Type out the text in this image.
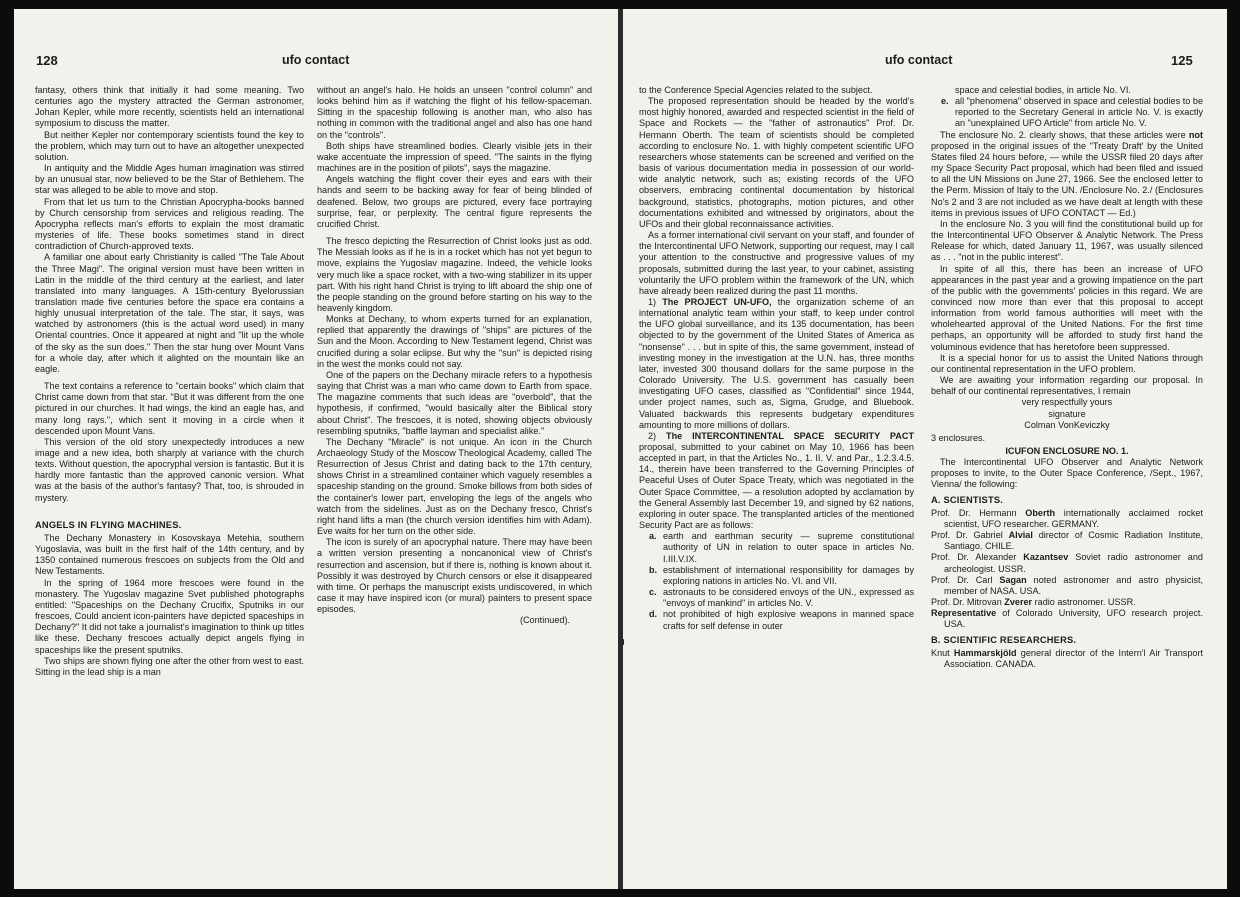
128	ufo contact

fantasy, others think that initially it had some meaning. Two centuries ago the mystery attracted the German astronomer, Johan Kepler, while more recently, scientists held an international symposium to discuss the matter.

But neither Kepler nor contemporary scientists found the key to the problem, which may turn out to have an altogether unexpected solution.

In antiquity and the Middle Ages human imagination was stirred by an unusual star, now believed to be the Star of Bethlehem. The star was alleged to be able to move and stop.

From that let us turn to the Christian Apocrypha-books banned by Church censorship from services and religious reading. The Apocrypha reflects man's efforts to explain the most dramatic mysteries of life. These books sometimes stand in direct contradiction of Church-approved texts.

A familiar one about early Christianity is called "The Tale About the Three Magi". The original version must have been written in Latin in the middle of the third century at the earliest, and later translated into many languages. A 15th-century Byelorussian translation made five centuries before the space era contains a highly unusual interpretation of the tale. The star, it says, was watched by astronomers (this is the actual word used) in many Oriental countries. Once it appeared at night and "lit up the whole of the sky as the sun does." Then the star hung over Mount Vans for a whole day, after which it alighted on the mountain like an eagle.

The text contains a reference to "certain books" which claim that Christ came down from that star. "But it was different from the one pictured in our churches. It had wings, the kind an eagle has, and many long rays.", which sent it moving in a circle when it descended upon Mount Vans.

This version of the old story unexpectedly introduces a new image and a new idea, both sharply at variance with the church texts. Without question, the apocryphal version is fantastic. But it is hardly more fantastic than the approved canonic version. What was at the basis of the author's fantasy? That, too, is shrouded in mystery.

ANGELS IN FLYING MACHINES.

The Dechany Monastery in Kosovskaya Metehia, southern Yugoslavia, was built in the first half of the 14th century, and by 1350 contained numerous frescoes on subjects from the Old and New Testaments.

In the spring of 1964 more frescoes were found in the monastery. The Yugoslav magazine Svet published photographs entitled: "Spaceships on the Dechany Crucifix, Sputniks in our frescoes, Could ancient icon-painters have depicted spaceships in Dechany?" It did not take a journalist's imagination to think up titles like these. Dechany frescoes actually depict angels flying in spaceships like the present sputniks.

Two ships are shown flying one after the other from west to east. Sitting in the lead ship is a man

without an angel's halo. He holds an unseen "control column" and looks behind him as if watching the flight of his fellow-spaceman. Sitting in the spaceship following is another man, who also has nothing in common with the traditional angel and also has one hand on the "controls".

Both ships have streamlined bodies. Clearly visible jets in their wake accentuate the impression of speed. "The saints in the flying machines are in the position of pilots", says the magazine.

Angels watching the flight cover their eyes and ears with their hands and seem to be backing away for fear of being blinded of deafened. Below, two groups are pictured, every face portraying surprise, fear, or perplexity. The central figure represents the crucified Christ.

The fresco depicting the Resurrection of Christ looks just as odd. The Messiah looks as if he is in a rocket which has not yet begun to move, explains the Yugoslav magazine. Indeed, the vehicle looks very much like a space rocket, with a two-wing stabilizer in its upper part. With his right hand Christ is trying to lift aboard the ship one of the people standing on the ground before starting on his way to the heavenly kingdom.

Monks at Dechany, to whom experts turned for an explanation, replied that apparently the drawings of "ships" are pictures of the Sun and the Moon. According to New Testament legend, Christ was crucified during a solar eclipse. But why the "sun" is depicted rising in the west the monks could not say.

One of the papers on the Dechany miracle refers to a hypothesis saying that Christ was a man who came down to Earth from space. The magazine comments that such ideas are "overbold", that the hypothesis, if confirmed, "would basically alter the Biblical story about Christ". The frescoes, it is noted, showing objects obviously resembling sputniks, "baffle layman and specialist alike."

The Dechany "Miracle" is not unique. An icon in the Church Archaeology Study of the Moscow Theological Academy, called The Resurrection of Jesus Christ and dating back to the 17th century, shows Christ in a streamlined container which vaguely resembles a spaceship standing on the ground. Smoke billows from both sides of the container's lower part, enveloping the legs of the angels who watch from the sidelines. Just as on the Dechany fresco, Christ's right hand lifts a man (the church version identifies him with Adam). Eve waits for her turn on the other side.

The icon is surely of an apocryphal nature. There may have been a written version presenting a noncanonical view of Christ's resurrection and ascension, but if there is, nothing is known about it. Possibly it was destroyed by Church censors or else it disappeared with time. Or perhaps the manuscript exists undiscovered, in which case it may have inspired icon (or mural) painters to present space episodes.

(Continued).
ufo contact	125

to the Conference Special Agencies related to the subject.

The proposed representation should be headed by the world's most highly honored, awarded and respected scientist in the field of Space and Rockets — the "father of astronautics" Prof. Dr. Hermann Oberth. The team of scientists should be completed according to enclosure No. 1. with highly competent scientific UFO researchers whose statements can be screened and verified on the basis of various documentation media in possession of our world-wide analytic network, such as; existing records of the UFO observers, embracing continental documentation by historical background, statistics, photographs, motion pictures, and other documentations exhibited and witnessed by originators, about the UFOs and their global reconnaissance activities.

As a former international civil servant on your staff, and founder of the Intercontinental UFO Network, supporting our request, may I call your attention to the constructive and progressive values of my proposals, submitted during the last year, to your cabinet, assisting voluntarily the UFO problem within the framework of the UN, which have already been realized during the past 11 months.

1) The PROJECT UN-UFO, the organization scheme of an international analytic team within your staff, to keep under control the UFO global surveillance, and its 135 documentation, has been objected to by the government of the United States of America as "nonsense" . . . but in spite of this, the same government, instead of investing money in the investigation at the U.N. has, three months later, invested 300 thousand dollars for the same purpose in the Colorado University. The U.S. government has casually been investigating UFO cases, classified as "Confidential" since 1944, under project names, such as, Sigma, Grudge, and Bluebook. Valuated backwards this represents budgetary expenditures amounting to more millions of dollars.

2) The INTERCONTINENTAL SPACE SECURITY PACT proposal, submitted to your cabinet on May 10, 1966 has been accepted in part, in that the Articles No., 1. II. V. and Par., 1.2.3.4.5. 14., therein have been transferred to the Governing Principles of Peaceful Uses of Outer Space Treaty, which was negotiated in the Outer Space Committee, — a resolution adopted by acclamation by the General Assembly last December 19, and signed by 62 nations, exploring in outer space. The transplanted articles of the mentioned Security Pact are as follows:

a. earth and earthman security — supreme constitutional authority of UN in relation to outer space in articles No. I.III.V.IX.

b. establishment of international responsibility for damages by exploring nations in articles No. VI. and VII.

c. astronauts to be considered envoys of the UN., expressed as "envoys of mankind" in articles No. V.

d. not prohibited of high explosive weapons in manned space crafts for self defense in outer

space and celestial bodies, in article No. VI.

e. all "phenomena" observed in space and celestial bodies to be reported to the Secretary General in article No. V. is exactly an "unexplained UFO Article" from article No. V.

The enclosure No. 2. clearly shows, that these articles were not proposed in the original issues of the "Treaty Draft' by the United States filed 24 hours before, — while the USSR filed 20 days after my Space Security Pact proposal, which had been filed and issued to all the UN Missions on June 27, 1966. See the enclosed letter to the Perm. Mission of Italy to the UN. /Enclosure No. 2./ (Enclosures No's 2 and 3 are not included as we have dealt at length with these items in previous issues of UFO CONTACT — Ed.)

In the enclosure No. 3 you will find the constitutional build up for the Intercontinental UFO Observer & Analytic Network. The Press Release for which, dated January 11, 1967, was usually silenced as . . . "not in the public interest".

In spite of all this, there has been an increase of UFO appearances in the past year and a growing impatience on the part of the public with the governments' policies in this regard. We are convinced now more than ever that this proposal to accept information from world famous authorities will meet with the wholehearted approval of the United Nations. For the first time perhaps, an opportunity will be afforded to study first hand the voluminous evidence that has heretofore been suppressed.

It is a special honor for us to assist the United Nations through our continental representation in the UFO problem.

We are awaiting your information regarding our proposal. In behalf of our continental representatives, I remain

very respectfully yours

signature

Colman VonKeviczky

3 enclosures.

ICUFON ENCLOSURE NO. 1.

The Intercontinental UFO Observer and Analytic Network proposes to invite, to the Outer Space Conference, /Sept., 1967, Vienna/ the following:

A. SCIENTISTS.

Prof. Dr. Hermann Oberth internationally acclaimed rocket scientist, UFO researcher. GERMANY.

Prof. Dr. Gabriel Alvial director of Cosmic Radiation Institute, Santiago. CHILE.

Prof. Dr. Alexander Kazantsev Soviet radio astronomer and archeologist. USSR.

Prof. Dr. Carl Sagan noted astronomer and astro physicist, member of NASA. USA.

Prof. Dr. Mitrovan Zverer radio astronomer. USSR.

Representative of Colorado University, UFO research project. USA.

B. SCIENTIFIC RESEARCHERS.

Knut Hammarskjöld general director of the Intern'l Air Transport Association. CANADA.
